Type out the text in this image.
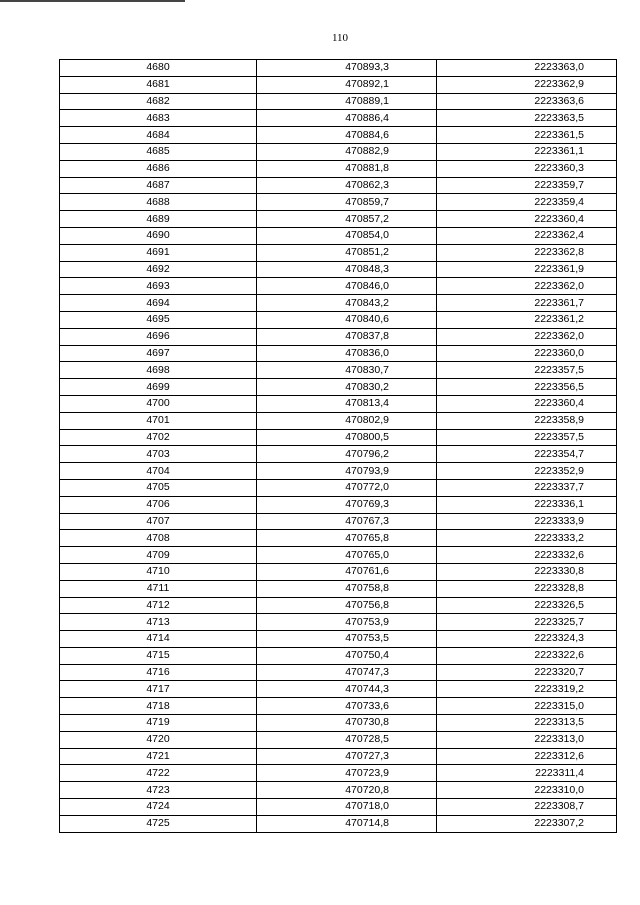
110
4680	470893,3	2223363,0
4681	470892,1	2223362,9
4682	470889,1	2223363,6
4683	470886,4	2223363,5
4684	470884,6	2223361,5
4685	470882,9	2223361,1
4686	470881,8	2223360,3
4687	470862,3	2223359,7
4688	470859,7	2223359,4
4689	470857,2	2223360,4
4690	470854,0	2223362,4
4691	470851,2	2223362,8
4692	470848,3	2223361,9
4693	470846,0	2223362,0
4694	470843,2	2223361,7
4695	470840,6	2223361,2
4696	470837,8	2223362,0
4697	470836,0	2223360,0
4698	470830,7	2223357,5
4699	470830,2	2223356,5
4700	470813,4	2223360,4
4701	470802,9	2223358,9
4702	470800,5	2223357,5
4703	470796,2	2223354,7
4704	470793,9	2223352,9
4705	470772,0	2223337,7
4706	470769,3	2223336,1
4707	470767,3	2223333,9
4708	470765,8	2223333,2
4709	470765,0	2223332,6
4710	470761,6	2223330,8
4711	470758,8	2223328,8
4712	470756,8	2223326,5
4713	470753,9	2223325,7
4714	470753,5	2223324,3
4715	470750,4	2223322,6
4716	470747,3	2223320,7
4717	470744,3	2223319,2
4718	470733,6	2223315,0
4719	470730,8	2223313,5
4720	470728,5	2223313,0
4721	470727,3	2223312,6
4722	470723,9	2223311,4
4723	470720,8	2223310,0
4724	470718,0	2223308,7
4725	470714,8	2223307,2
